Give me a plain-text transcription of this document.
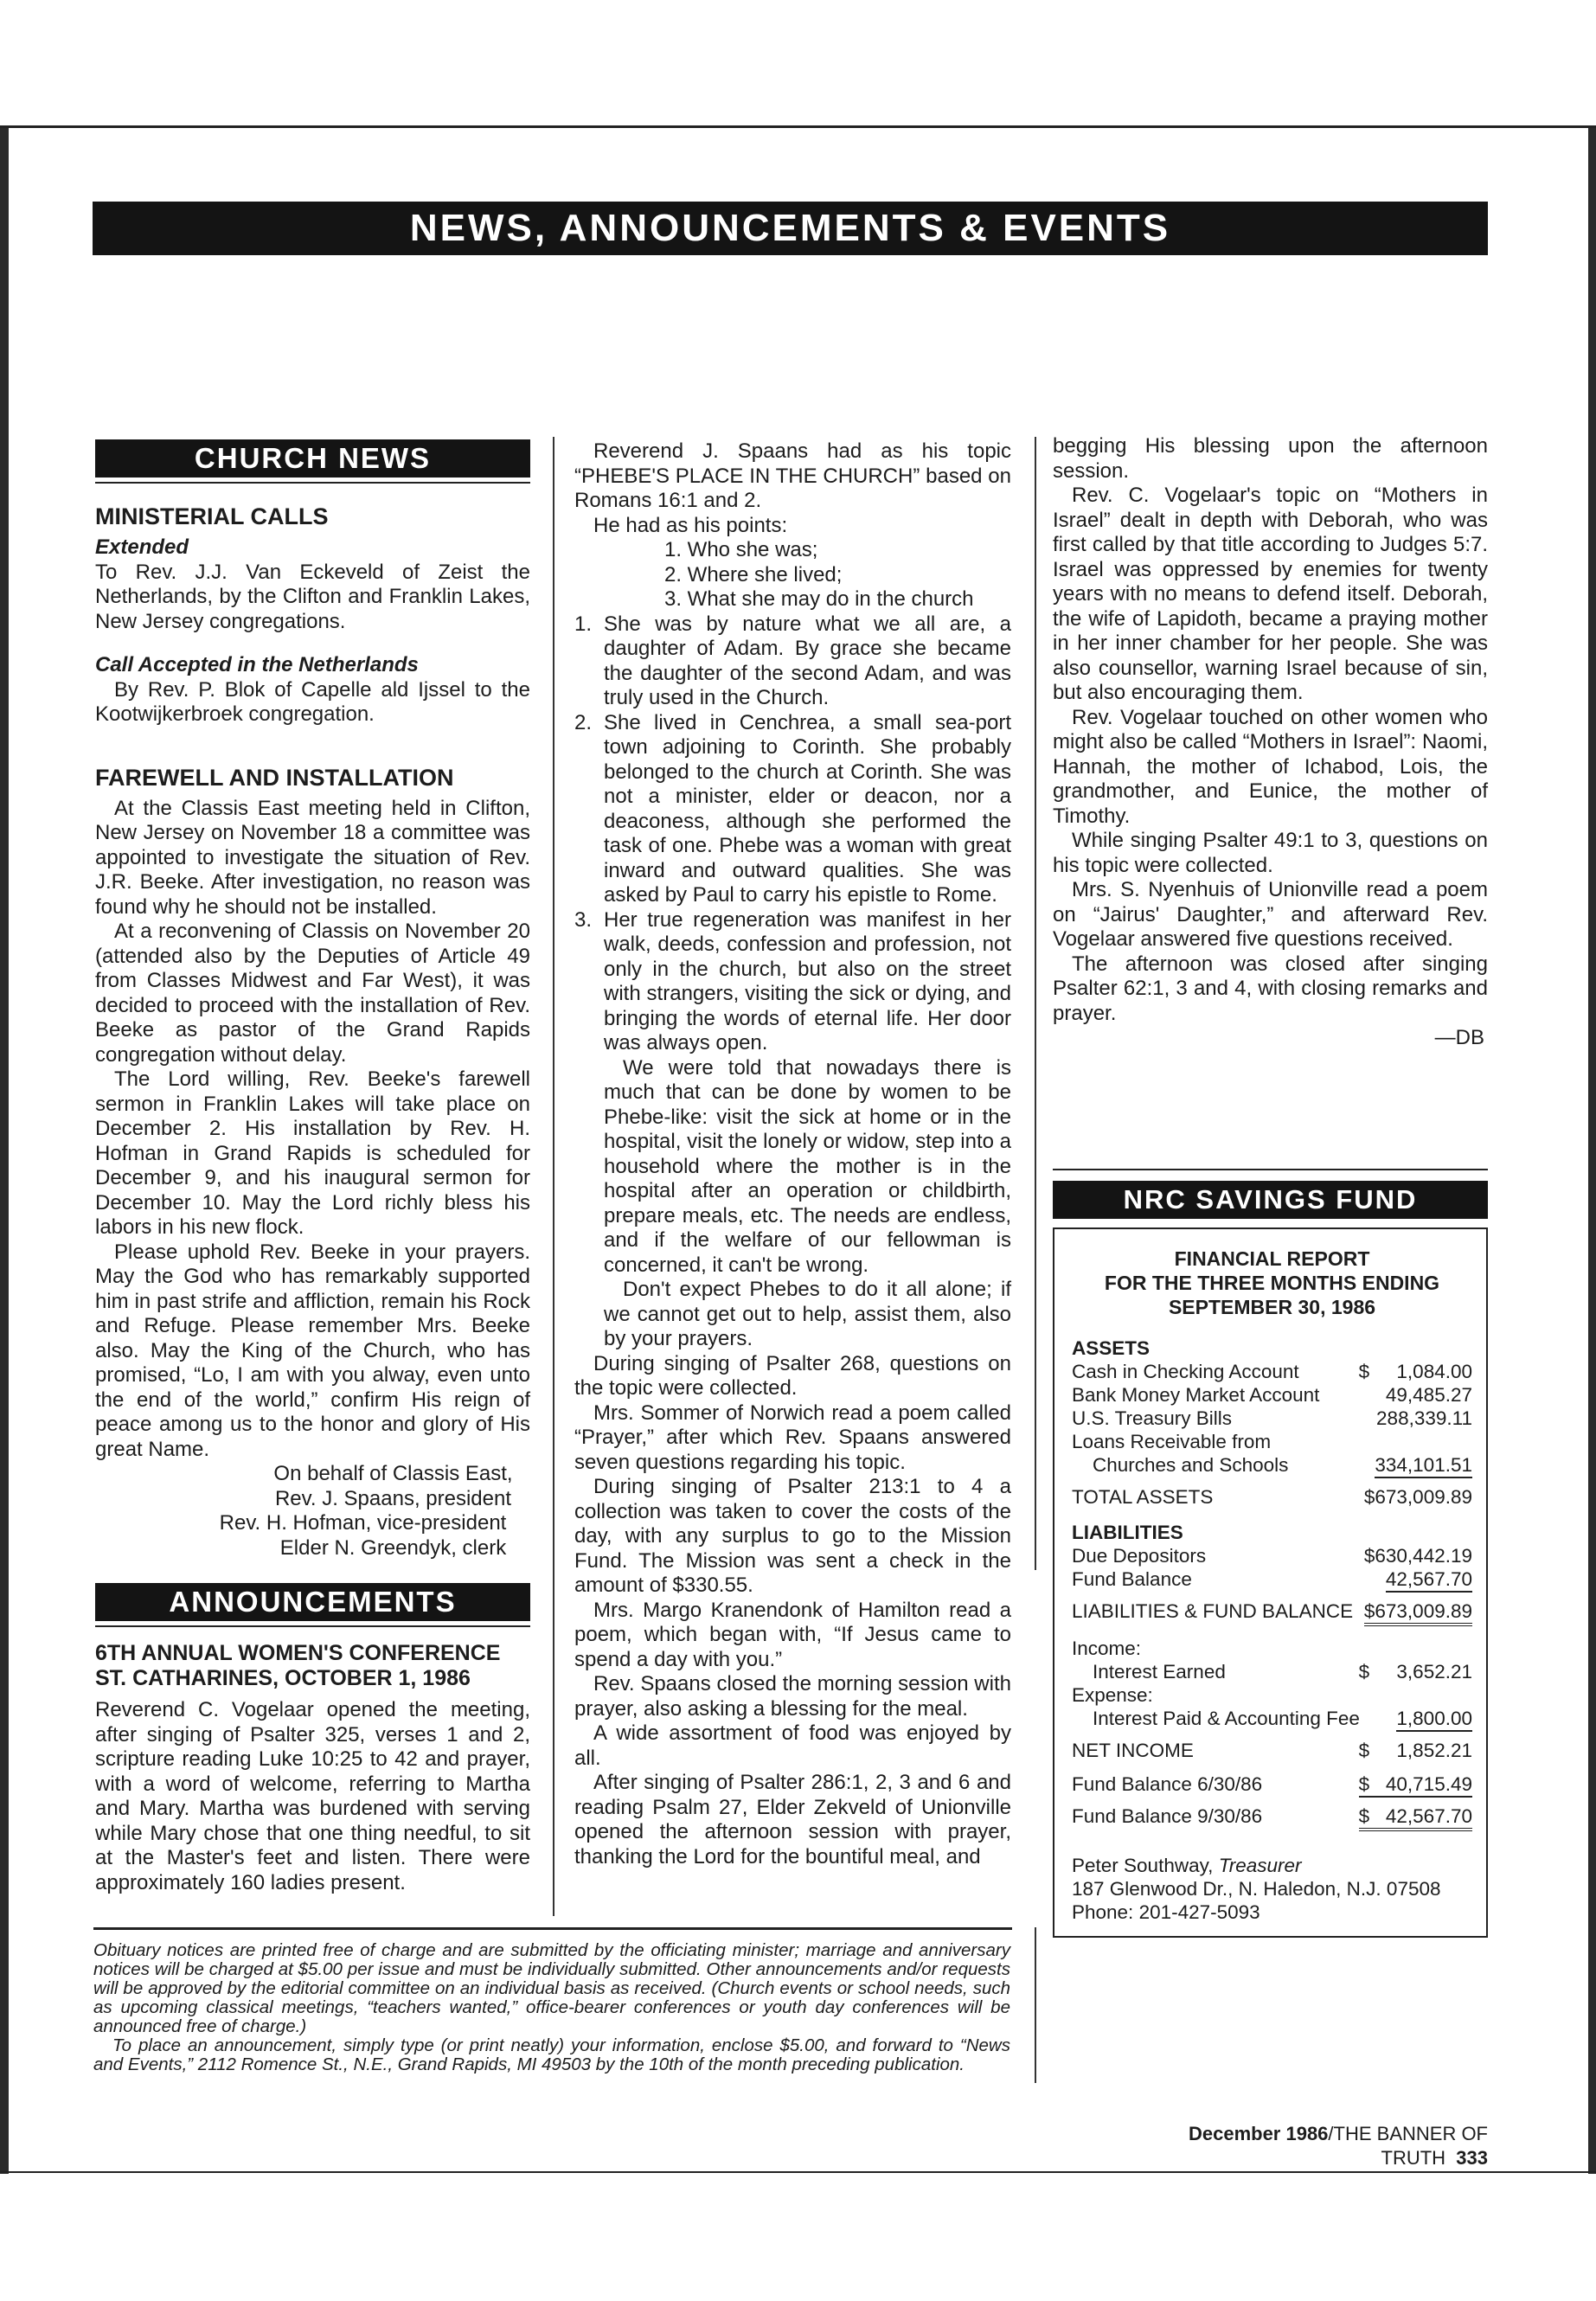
NEWS, ANNOUNCEMENTS & EVENTS
CHURCH NEWS
MINISTERIAL CALLS
Extended

To Rev. J.J. Van Eckeveld of Zeist the Netherlands, by the Clifton and Franklin Lakes, New Jersey congregations.

Call Accepted in the Netherlands

By Rev. P. Blok of Capelle ald Ijssel to the Kootwijkerbroek congregation.

FAREWELL AND INSTALLATION

At the Classis East meeting held in Clifton, New Jersey on November 18 a committee was appointed to investigate the situation of Rev. J.R. Beeke. After investigation, no reason was found why he should not be installed.

At a reconvening of Classis on November 20 (attended also by the Deputies of Article 49 from Classes Midwest and Far West), it was decided to proceed with the installation of Rev. Beeke as pastor of the Grand Rapids congregation without delay.

The Lord willing, Rev. Beeke's farewell sermon in Franklin Lakes will take place on December 2. His installation by Rev. H. Hofman in Grand Rapids is scheduled for December 9, and his inaugural sermon for December 10. May the Lord richly bless his labors in his new flock.

Please uphold Rev. Beeke in your prayers. May the God who has remarkably supported him in past strife and affliction, remain his Rock and Refuge. Please remember Mrs. Beeke also. May the King of the Church, who has promised, “Lo, I am with you alway, even unto the end of the world,” confirm His reign of peace among us to the honor and glory of His great Name.

On behalf of Classis East,
Rev. J. Spaans, president
Rev. H. Hofman, vice-president
Elder N. Greendyk, clerk
ANNOUNCEMENTS
6TH ANNUAL WOMEN'S CONFERENCE
ST. CATHARINES, OCTOBER 1, 1986

Reverend C. Vogelaar opened the meeting, after singing of Psalter 325, verses 1 and 2, scripture reading Luke 10:25 to 42 and prayer, with a word of welcome, referring to Martha and Mary. Martha was burdened with serving while Mary chose that one thing needful, to sit at the Master's feet and listen. There were approximately 160 ladies present.

Reverend J. Spaans had as his topic “PHEBE'S PLACE IN THE CHURCH” based on Romans 16:1 and 2.

He had as his points:

1. Who she was;
2. Where she lived;
3. What she may do in the church
1. She was by nature what we all are, a daughter of Adam. By grace she became the daughter of the second Adam, and was truly used in the Church.
2. She lived in Cenchrea, a small sea-port town adjoining to Corinth. She probably belonged to the church at Corinth. She was not a minister, elder or deacon, nor a deaconess, although she performed the task of one. Phebe was a woman with great inward and outward qualities. She was asked by Paul to carry his epistle to Rome.
3. Her true regeneration was manifest in her walk, deeds, confession and profession, not only in the church, but also on the street with strangers, visiting the sick or dying, and bringing the words of eternal life. Her door was always open.

We were told that nowadays there is much that can be done by women to be Phebe-like: visit the sick at home or in the hospital, visit the lonely or widow, step into a household where the mother is in the hospital after an operation or childbirth, prepare meals, etc. The needs are endless, and if the welfare of our fellowman is concerned, it can't be wrong.

Don't expect Phebes to do it all alone; if we cannot get out to help, assist them, also by your prayers.

During singing of Psalter 268, questions on the topic were collected.

Mrs. Sommer of Norwich read a poem called “Prayer,” after which Rev. Spaans answered seven questions regarding his topic.

During singing of Psalter 213:1 to 4 a collection was taken to cover the costs of the day, with any surplus to go to the Mission Fund. The Mission was sent a check in the amount of $330.55.

Mrs. Margo Kranendonk of Hamilton read a poem, which began with, “If Jesus came to spend a day with you.”

Rev. Spaans closed the morning session with prayer, also asking a blessing for the meal.

A wide assortment of food was enjoyed by all.

After singing of Psalter 286:1, 2, 3 and 6 and reading Psalm 27, Elder Zekveld of Unionville opened the afternoon session with prayer, thanking the Lord for the bountiful meal, and

begging His blessing upon the afternoon session.

Rev. C. Vogelaar's topic on “Mothers in Israel” dealt in depth with Deborah, who was first called by that title according to Judges 5:7. Israel was oppressed by enemies for twenty years with no means to defend itself. Deborah, the wife of Lapidoth, became a praying mother in her inner chamber for her people. She was also counsellor, warning Israel because of sin, but also encouraging them.

Rev. Vogelaar touched on other women who might also be called “Mothers in Israel”: Naomi, Hannah, the mother of Ichabod, Lois, the grandmother, and Eunice, the mother of Timothy.

While singing Psalter 49:1 to 3, questions on his topic were collected.

Mrs. S. Nyenhuis of Unionville read a poem on “Jairus' Daughter,” and afterward Rev. Vogelaar answered five questions received.

The afternoon was closed after singing Psalter 62:1, 3 and 4, with closing remarks and prayer.

—DB
NRC SAVINGS FUND
FINANCIAL REPORT
FOR THE THREE MONTHS ENDING
SEPTEMBER 30, 1986
ASSETS
Cash in Checking Account	$     1,084.00
Bank Money Market Account	49,485.27
U.S. Treasury Bills	288,339.11
Loans Receivable from
Churches and Schools	334,101.51
TOTAL ASSETS	$673,009.89
LIABILITIES
Due Depositors	$630,442.19
Fund Balance	42,567.70
LIABILITIES & FUND BALANCE $673,009.89
Income:
Interest Earned	$     3,652.21
Expense:
Interest Paid & Accounting Fee 1,800.00
NET INCOME	$     1,852.21
Fund Balance 6/30/86	$   40,715.49
Fund Balance 9/30/86	$   42,567.70
Peter Southway, Treasurer
187 Glenwood Dr., N. Haledon, N.J. 07508
Phone: 201-427-5093

Obituary notices are printed free of charge and are submitted by the officiating minister; marriage and anniversary notices will be charged at $5.00 per issue and must be individually submitted. Other announcements and/or requests will be approved by the editorial committee on an individual basis as received. (Church events or school needs, such as upcoming classical meetings, “teachers wanted,” office-bearer conferences or youth day conferences will be announced free of charge.)

To place an announcement, simply type (or print neatly) your information, enclose $5.00, and forward to “News and Events,” 2112 Romence St., N.E., Grand Rapids, MI 49503 by the 10th of the month preceding publication.

December 1986/THE BANNER OF TRUTH 333
